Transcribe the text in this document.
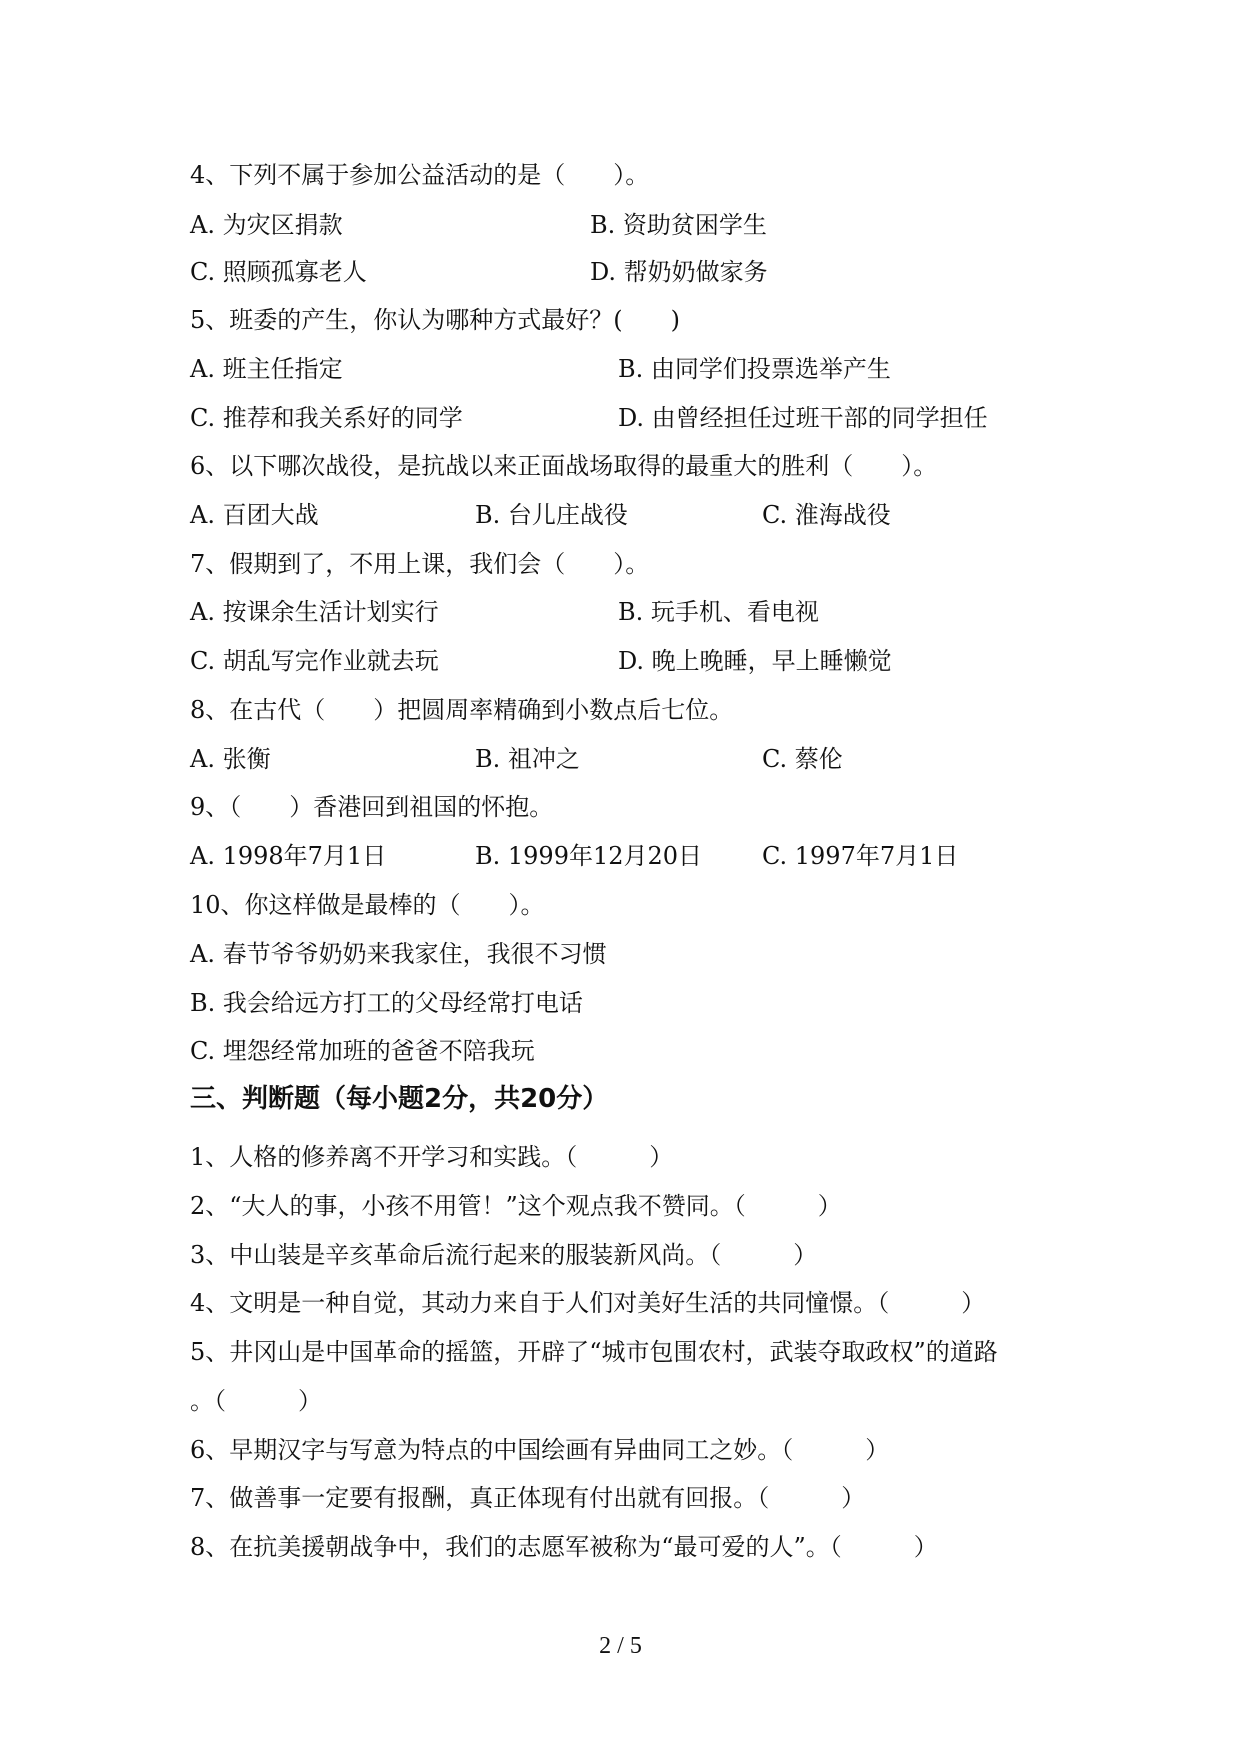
4、下列不属于参加公益活动的是（　　）。
A. 为灾区捐款	B. 资助贫困学生
C. 照顾孤寡老人	D. 帮奶奶做家务
5、班委的产生，你认为哪种方式最好？(　　)
A. 班主任指定	B. 由同学们投票选举产生
C. 推荐和我关系好的同学	D. 由曾经担任过班干部的同学担任
6、以下哪次战役，是抗战以来正面战场取得的最重大的胜利（　　）。
A. 百团大战	B. 台儿庄战役	C. 淮海战役
7、假期到了，不用上课，我们会（　　）。
A. 按课余生活计划实行	B. 玩手机、看电视
C. 胡乱写完作业就去玩	D. 晚上晚睡，早上睡懒觉
8、在古代（　　）把圆周率精确到小数点后七位。
A. 张衡	B. 祖冲之	C. 蔡伦
9、（　　）香港回到祖国的怀抱。
A. 1998年7月1日	B. 1999年12月20日 C. 1997年7月1日
10、你这样做是最棒的（　　）。
A. 春节爷爷奶奶来我家住，我很不习惯
B. 我会给远方打工的父母经常打电话
C. 埋怨经常加班的爸爸不陪我玩
三、判断题（每小题2分，共20分）
1、人格的修养离不开学习和实践。（　　　）
2、“大人的事，小孩不用管！”这个观点我不赞同。（　　　）
3、中山装是辛亥革命后流行起来的服装新风尚。（　　　）
4、文明是一种自觉，其动力来自于人们对美好生活的共同憧憬。（　　　）
5、井冈山是中国革命的摇篮，开辟了“城市包围农村，武装夺取政权”的道路
。（　　　）
6、早期汉字与写意为特点的中国绘画有异曲同工之妙。（　　　）
7、做善事一定要有报酬，真正体现有付出就有回报。（　　　）
8、在抗美援朝战争中，我们的志愿军被称为“最可爱的人”。（　　　）
2 / 5
